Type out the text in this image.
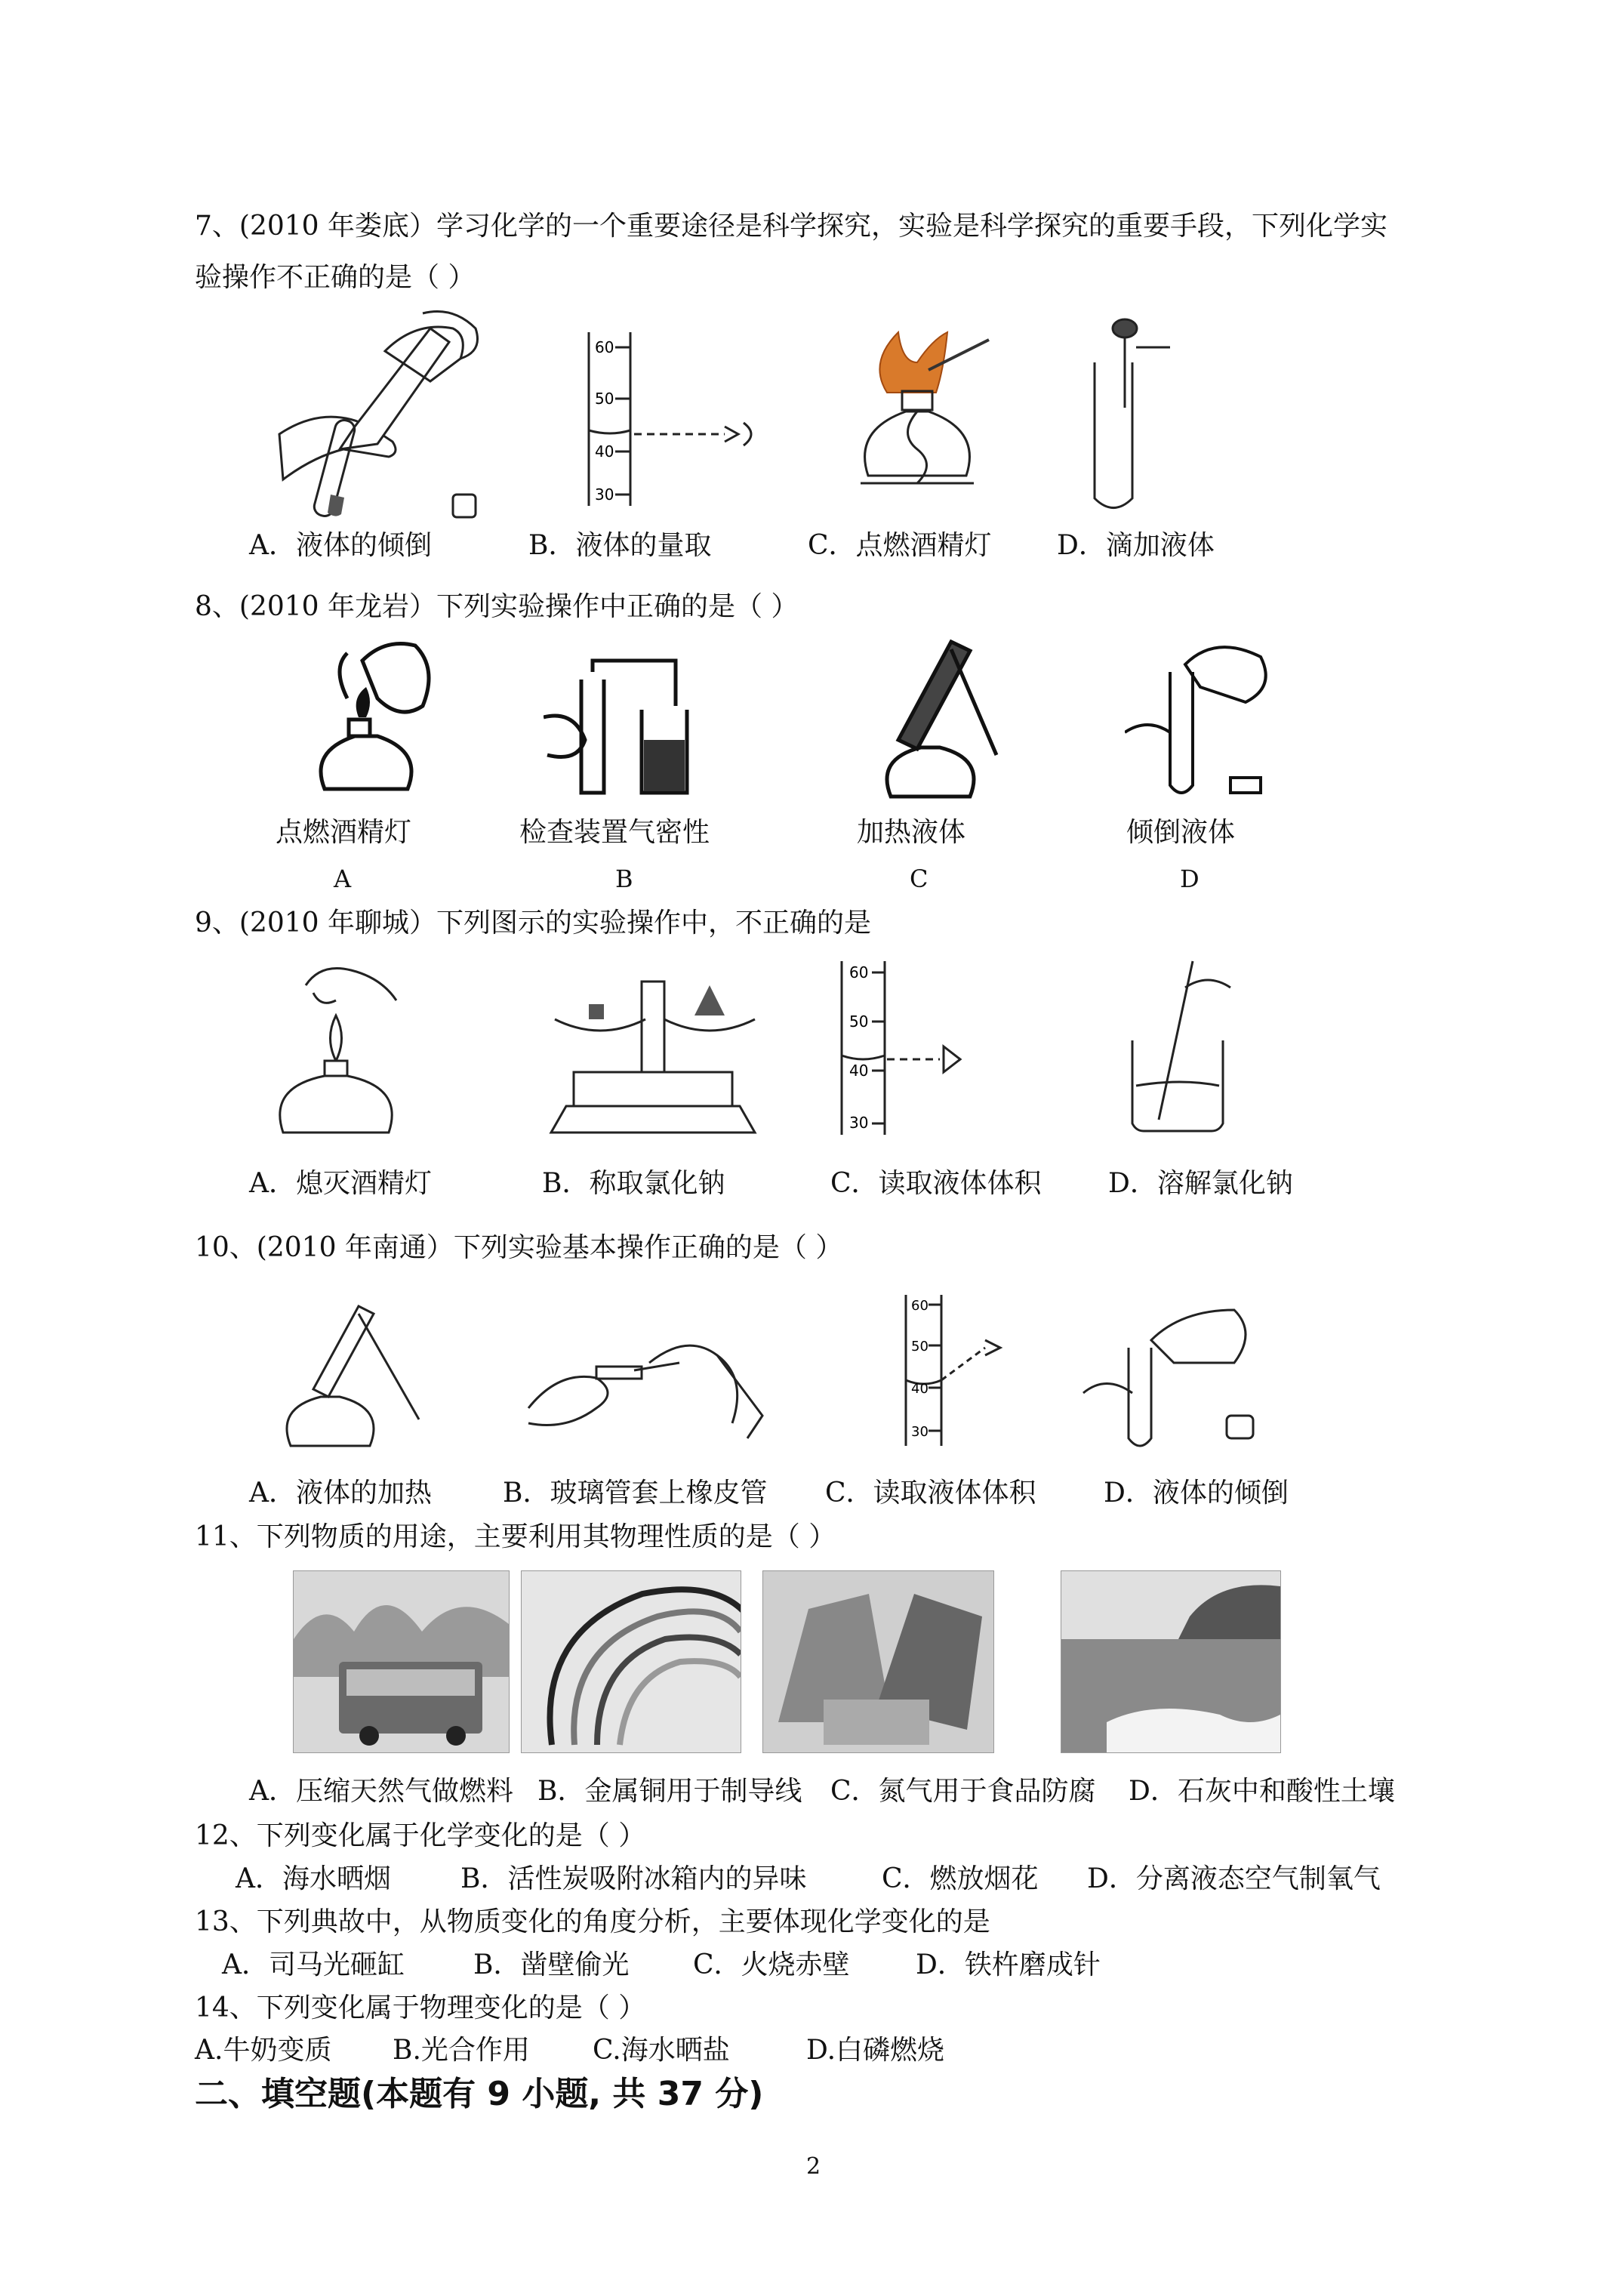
7、(2010 年娄底）学习化学的一个重要途径是科学探究，实验是科学探究的重要手段，下列化学实
验操作不正确的是（ ）
60
50
40
30
A．液体的倾倒	B．液体的量取	C．点燃酒精灯 D．滴加液体
8、(2010 年龙岩）下列实验操作中正确的是（ ）
点燃酒精灯	检查装置气密性	加热液体	倾倒液体
A	B	C	D
9、(2010 年聊城）下列图示的实验操作中，不正确的是
60
50
40
30
A．熄灭酒精灯	B．称取氯化钠	C．读取液体体积 D．溶解氯化钠
10、(2010 年南通）下列实验基本操作正确的是（ ）
60
50
40
30
A．液体的加热	B．玻璃管套上橡皮管 C．读取液体体积 D．液体的倾倒
11、下列物质的用途，主要利用其物理性质的是（ ）
A．压缩天然气做燃料 B．金属铜用于制导线 C．氮气用于食品防腐 D．石灰中和酸性土壤
12、下列变化属于化学变化的是（ ）
A．海水晒烟	B．活性炭吸附冰箱内的异味	C．燃放烟花 D．分离液态空气制氧气
13、下列典故中，从物质变化的角度分析，主要体现化学变化的是
A．司马光砸缸	B．凿壁偷光 C．火烧赤壁 D．铁杵磨成针
14、下列变化属于物理变化的是（ ）
A.牛奶变质 B.光合作用 C.海水晒盐	D.白磷燃烧
二、填空题(本题有 9 小题, 共 37 分)
2
